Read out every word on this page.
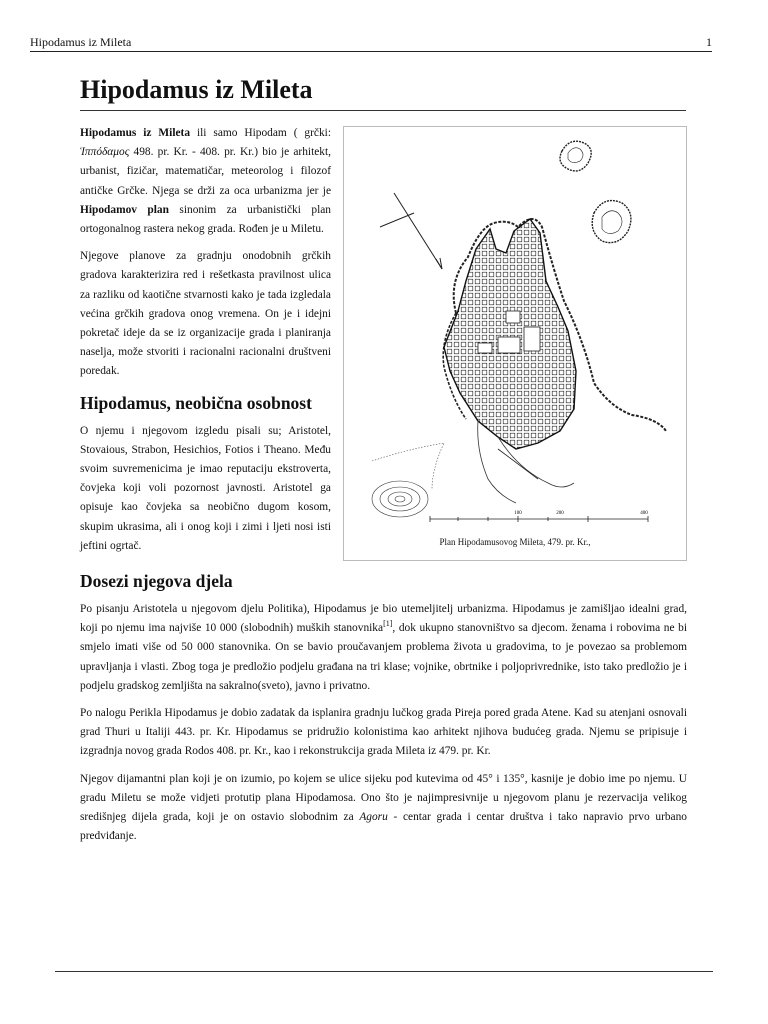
Hipodamus iz Mileta	1
Hipodamus iz Mileta
100	200	400
Plan Hipodamusovog Mileta, 479. pr. Kr.,

Hipodamus iz Mileta ili samo Hipodam ( grčki: Ἱππόδαμος 498. pr. Kr. - 408. pr. Kr.) bio je arhitekt, urbanist, fizičar, matematičar, meteorolog i filozof antičke Grčke. Njega se drži za oca urbanizma jer je Hipodamov plan sinonim za urbanistički plan ortogonalnog rastera nekog grada. Rođen je u Miletu.

Njegove planove za gradnju onodobnih grčkih gradova karakterizira red i rešetkasta pravilnost ulica za razliku od kaotične stvarnosti kako je tada izgledala većina grčkih gradova onog vremena. On je i idejni pokretač ideje da se iz organizacije grada i planiranja naselja, može stvoriti i racionalni racionalni društveni poredak.

Hipodamus, neobična osobnost

O njemu i njegovom izgledu pisali su; Aristotel, Stovaious, Strabon, Hesichios, Fotios i Theano. Među svoim suvremenicima je imao reputaciju ekstroverta, čovjeka koji voli pozornost javnosti. Aristotel ga opisuje kao čovjeka sa neobično dugom kosom, skupim ukrasima, ali i onog koji i zimi i ljeti nosi isti jeftini ogrtač.

Dosezi njegova djela

Po pisanju Aristotela u njegovom djelu Politika), Hipodamus je bio utemeljitelj urbanizma. Hipodamus je zamišljao idealni grad, koji po njemu ima najviše 10 000 (slobodnih) muških stanovnika[1], dok ukupno stanovništvo sa djecom. ženama i robovima ne bi smjelo imati više od 50 000 stanovnika. On se bavio proučavanjem problema života u gradovima, to je povezao sa problemom upravljanja i vlasti. Zbog toga je predložio podjelu građana na tri klase; vojnike, obrtnike i poljoprivrednike, isto tako predložio je i podjelu gradskog zemljišta na sakralno(sveto), javno i privatno.

Po nalogu Perikla Hipodamus je dobio zadatak da isplanira gradnju lučkog grada Pireja pored grada Atene. Kad su atenjani osnovali grad Thuri u Italiji 443. pr. Kr. Hipodamus se pridružio kolonistima kao arhitekt njihova budućeg grada. Njemu se pripisuje i izgradnja novog grada Rodos 408. pr. Kr., kao i rekonstrukcija grada Mileta iz 479. pr. Kr.

Njegov dijamantni plan koji je on izumio, po kojem se ulice sijeku pod kutevima od 45° i 135°, kasnije je dobio ime po njemu. U gradu Miletu se može vidjeti protutip plana Hipodamosa. Ono što je najimpresivnije u njegovom planu je rezervacija velikog središnjeg dijela grada, koji je on ostavio slobodnim za Agoru - centar grada i centar društva i tako napravio prvo urbano predviđanje.
